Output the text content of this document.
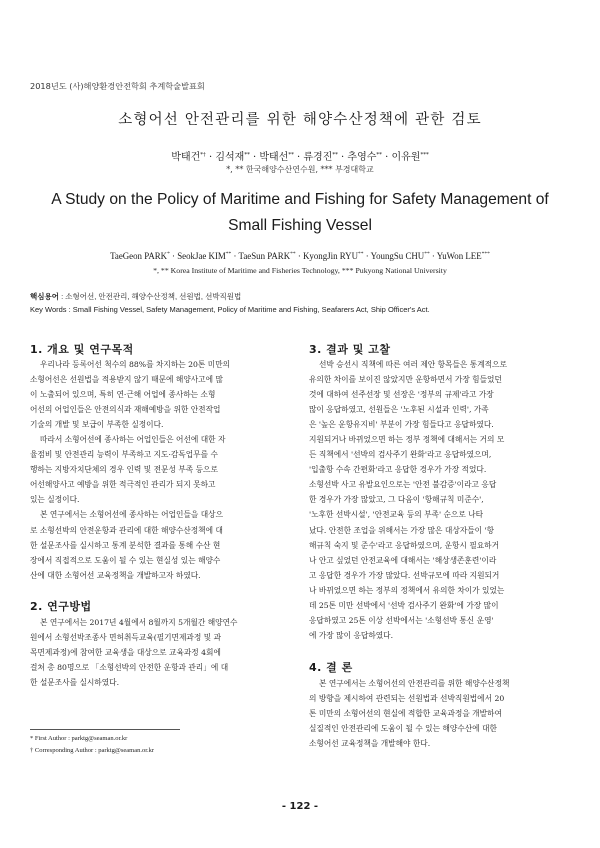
2018년도 (사)해양환경안전학회 추계학술발표회
소형어선 안전관리를 위한 해양수산정책에 관한 검토
박태건*† · 김석재** · 박태선** · 류경진** · 추영수** · 이유원***
*, ** 한국해양수산연수원, *** 부경대학교
A Study on the Policy of Maritime and Fishing for Safety Management of
Small Fishing Vessel
TaeGeon PARK* · SeokJae KIM** · TaeSun PARK** · KyongJin RYU** · YoungSu CHU** · YuWon LEE***
*, ** Korea Institute of Maritime and Fisheries Technology, *** Pukyong National University
핵심용어 : 소형어선, 안전관리, 해양수산정책, 선원법, 선박직원법
Key Words : Small Fishing Vessel, Safety Management, Policy of Maritime and Fishing, Seafarers Act, Ship Officer's Act.
1. 개요 및 연구목적
우리나라 등록어선 척수의 88%를 차지하는 20톤 미만의
소형어선은 선원법을 적용받지 않기 때문에 해양사고에 많
이 노출되어 있으며, 특히 연·근해 어업에 종사하는 소형
어선의 어업인들은 안전의식과 재해예방을 위한 안전작업
기술의 개발 및 보급이 부족한 실정이다.
따라서 소형어선에 종사하는 어업인들은 어선에 대한 자
율점비 및 안전관리 능력이 부족하고 지도·감독업무를 수
행하는 지방자치단체의 경우 인력 및 전문성 부족 등으로
어선해양사고 예방을 위한 적극적인 관리가 되지 못하고
있는 실정이다.
본 연구에서는 소형어선에 종사하는 어업인들을 대상으
로 소형선박의 안전운항과 관리에 대한 해양수산정책에 대
한 설문조사를 실시하고 통계 분석한 결과를 통해 수산 현
장에서 직접적으로 도움이 될 수 있는 현실성 있는 해양수
산에 대한 소형어선 교육정책을 개발하고자 하였다.
2. 연구방법
본 연구에서는 2017년 4월에서 8월까지 5개월간 해양연수
원에서 소형선박조종사 면허취득교육(필기면제과정 및 과
목면제과정)에 참여한 교육생을 대상으로 교육과정 4회에
걸쳐 총 80명으로 「소형선박의 안전한 운항과 관리」에 대
한 설문조사를 실시하였다.
* First Author : parktg@seaman.or.kr
† Corresponding Author : parktg@seaman.or.kr
3. 결과 및 고찰
선박 승선시 직책에 따른 여러 제안 항목들은 통계적으로
유의한 차이를 보이진 않았지만 운항하면서 가장 힘들었던
것에 대하여 선주선장 및 선장은 '정부의 규제'라고 가장
많이 응답하였고, 선원들은 '노후된 시설과 인력', 가족
은 '높은 운항유지비' 부분이 가장 힘들다고 응답하였다.
지원되거나 바뀌었으면 하는 정부 정책에 대해서는 거의 모
든 직책에서 '선박의 검사주기 완화'라고 응답하였으며,
'입출항 수속 간편화'라고 응답한 경우가 가장 적었다.
소형선박 사고 유발요인으로는 '안전 불감증'이라고 응답
한 경우가 가장 많았고, 그 다음이 '항해규칙 미준수',
'노후한 선박시설', '안전교육 등의 부족' 순으로 나타
났다. 안전한 조업을 위해서는 가장 많은 대상자들이 '항
해규칙 숙지 및 준수'라고 응답하였으며, 운항시 필요하거
나 안고 싶었던 안전교육에 대해서는 '해상생존훈련'이라
고 응답한 경우가 가장 많았다. 선박규모에 따라 지원되거
나 바뀌었으면 하는 정부의 정책에서 유의한 차이가 있었는
데 25톤 미만 선박에서 '선박 검사주기 완화'에 가장 많이
응답하였고 25톤 이상 선박에서는 '소형선박 통신 운영'
에 가장 많이 응답하였다.
4. 결 론
본 연구에서는 소형어선의 안전관리를 위한 해양수산정책
의 방향을 제시하여 관련되는 선원법과 선박직원법에서 20
톤 미만의 소형어선의 현실에 적합한 교육과정을 개발하여
실질적인 안전관리에 도움이 될 수 있는 해양수산에 대한
소형어선 교육정책을 개발해야 한다.
- 122 -
